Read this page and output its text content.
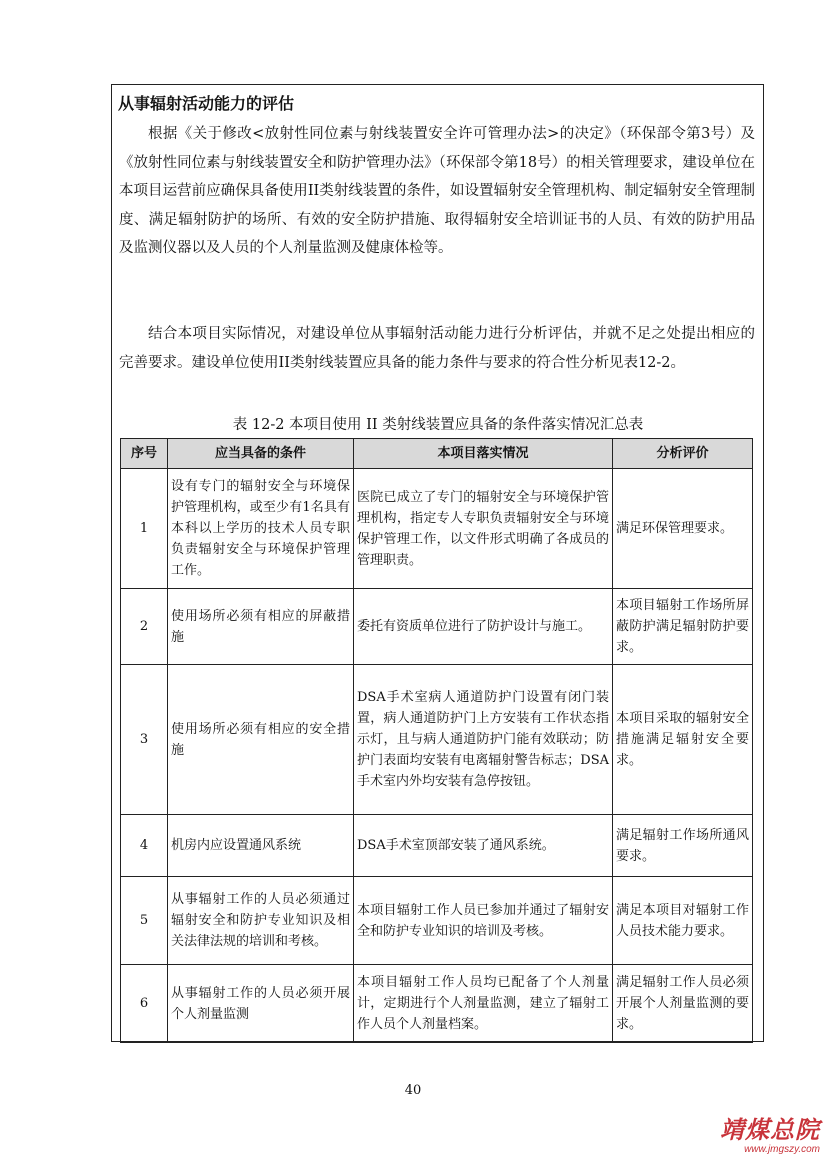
从事辐射活动能力的评估

根据《关于修改<放射性同位素与射线装置安全许可管理办法>的决定》（环保部令第3号）及《放射性同位素与射线装置安全和防护管理办法》（环保部令第18号）的相关管理要求，建设单位在本项目运营前应确保具备使用II类射线装置的条件，如设置辐射安全管理机构、制定辐射安全管理制度、满足辐射防护的场所、有效的安全防护措施、取得辐射安全培训证书的人员、有效的防护用品及监测仪器以及人员的个人剂量监测及健康体检等。

结合本项目实际情况，对建设单位从事辐射活动能力进行分析评估，并就不足之处提出相应的完善要求。建设单位使用II类射线装置应具备的能力条件与要求的符合性分析见表12-2。

表 12-2 本项目使用 II 类射线装置应具备的条件落实情况汇总表
序号	应当具备的条件	本项目落实情况	分析评价
1	设有专门的辐射安全与环境保护管理机构，或至少有1名具有本科以上学历的技术人员专职负责辐射安全与环境保护管理工作。	医院已成立了专门的辐射安全与环境保护管理机构，指定专人专职负责辐射安全与环境保护管理工作，以文件形式明确了各成员的管理职责。	满足环保管理要求。
2	使用场所必须有相应的屏蔽措施	委托有资质单位进行了防护设计与施工。	本项目辐射工作场所屏蔽防护满足辐射防护要求。
3	使用场所必须有相应的安全措施	DSA手术室病人通道防护门设置有闭门装置，病人通道防护门上方安装有工作状态指示灯，且与病人通道防护门能有效联动；防护门表面均安装有电离辐射警告标志；DSA手术室内外均安装有急停按钮。	本项目采取的辐射安全措施满足辐射安全要求。
4	机房内应设置通风系统	DSA手术室顶部安装了通风系统。	满足辐射工作场所通风要求。
5	从事辐射工作的人员必须通过辐射安全和防护专业知识及相关法律法规的培训和考核。	本项目辐射工作人员已参加并通过了辐射安全和防护专业知识的培训及考核。	满足本项目对辐射工作人员技术能力要求。
6	从事辐射工作的人员必须开展个人剂量监测	本项目辐射工作人员均已配备了个人剂量计，定期进行个人剂量监测，建立了辐射工作人员个人剂量档案。	满足辐射工作人员必须开展个人剂量监测的要求。
40
靖煤总院
www.jmgszy.com
